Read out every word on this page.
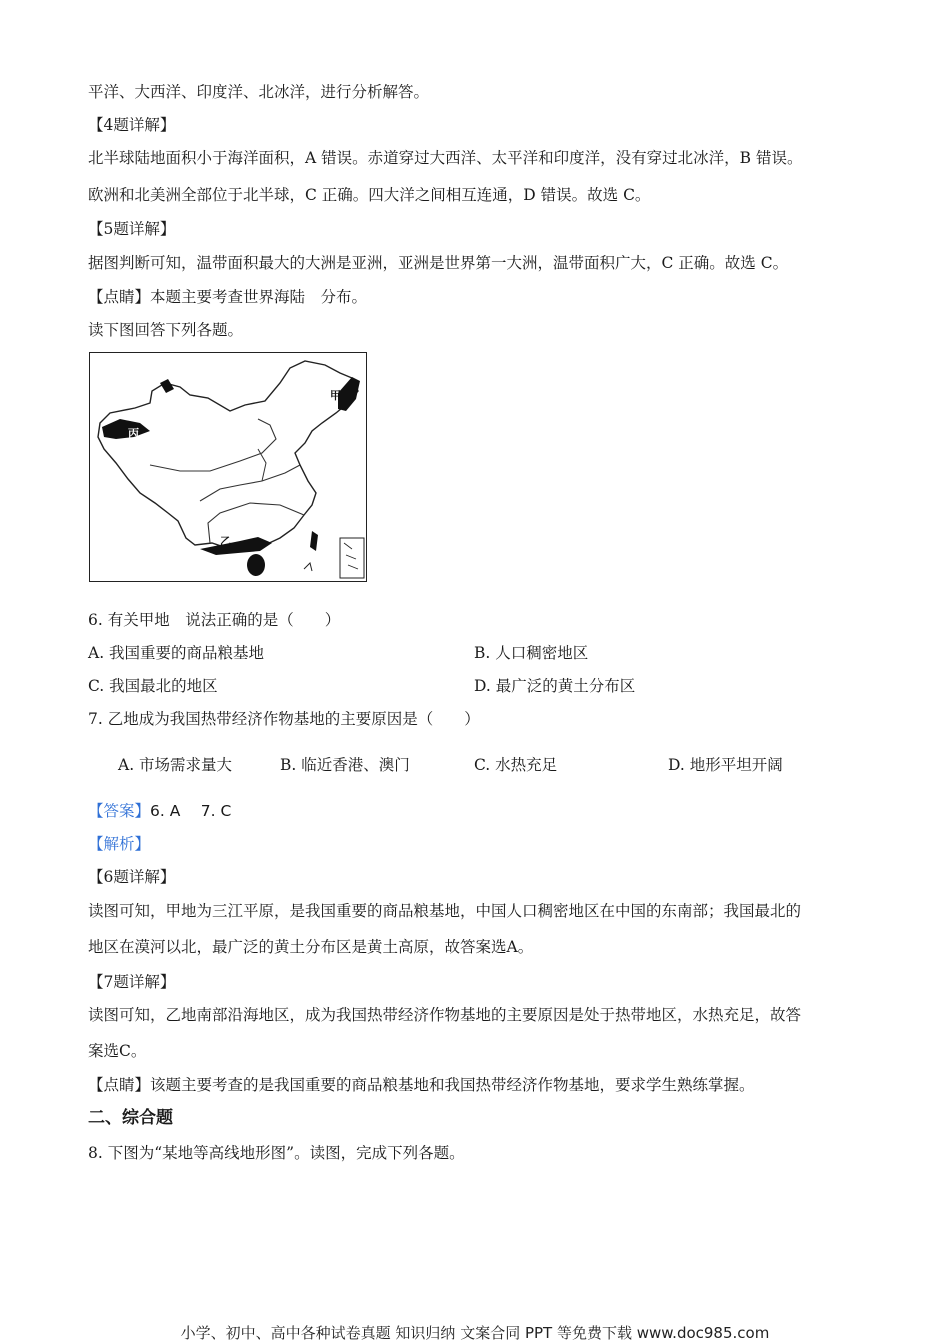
平洋、大西洋、印度洋、北冰洋，进行分析解答。
【4题详解】
北半球陆地面积小于海洋面积，A 错误。赤道穿过大西洋、太平洋和印度洋，没有穿过北冰洋，B 错误。
欧洲和北美洲全部位于北半球，C 正确。四大洋之间相互连通，D 错误。故选 C。
【5题详解】
据图判断可知，温带面积最大的大洲是亚洲，亚洲是世界第一大洲，温带面积广大，C 正确。故选 C。
【点睛】本题主要考查世界海陆　分布。
读下图回答下列各题。
甲
乙
丙
6. 有关甲地　说法正确的是（　　）
A. 我国重要的商品粮基地	B. 人口稠密地区
C. 我国最北的地区	D. 最广泛的黄土分布区
7. 乙地成为我国热带经济作物基地的主要原因是（　　）
A. 市场需求量大	B. 临近香港、澳门	C. 水热充足	D. 地形平坦开阔
【答案】6. A　 7. C
【解析】
【6题详解】
读图可知，甲地为三江平原，是我国重要的商品粮基地，中国人口稠密地区在中国的东南部；我国最北的
地区在漠河以北，最广泛的黄土分布区是黄土高原，故答案选A。
【7题详解】
读图可知，乙地南部沿海地区，成为我国热带经济作物基地的主要原因是处于热带地区，水热充足，故答
案选C。
【点睛】该题主要考查的是我国重要的商品粮基地和我国热带经济作物基地，要求学生熟练掌握。
二、综合题
8. 下图为“某地等高线地形图”。读图，完成下列各题。
小学、初中、高中各种试卷真题 知识归纳 文案合同 PPT 等免费下载 www.doc985.com
